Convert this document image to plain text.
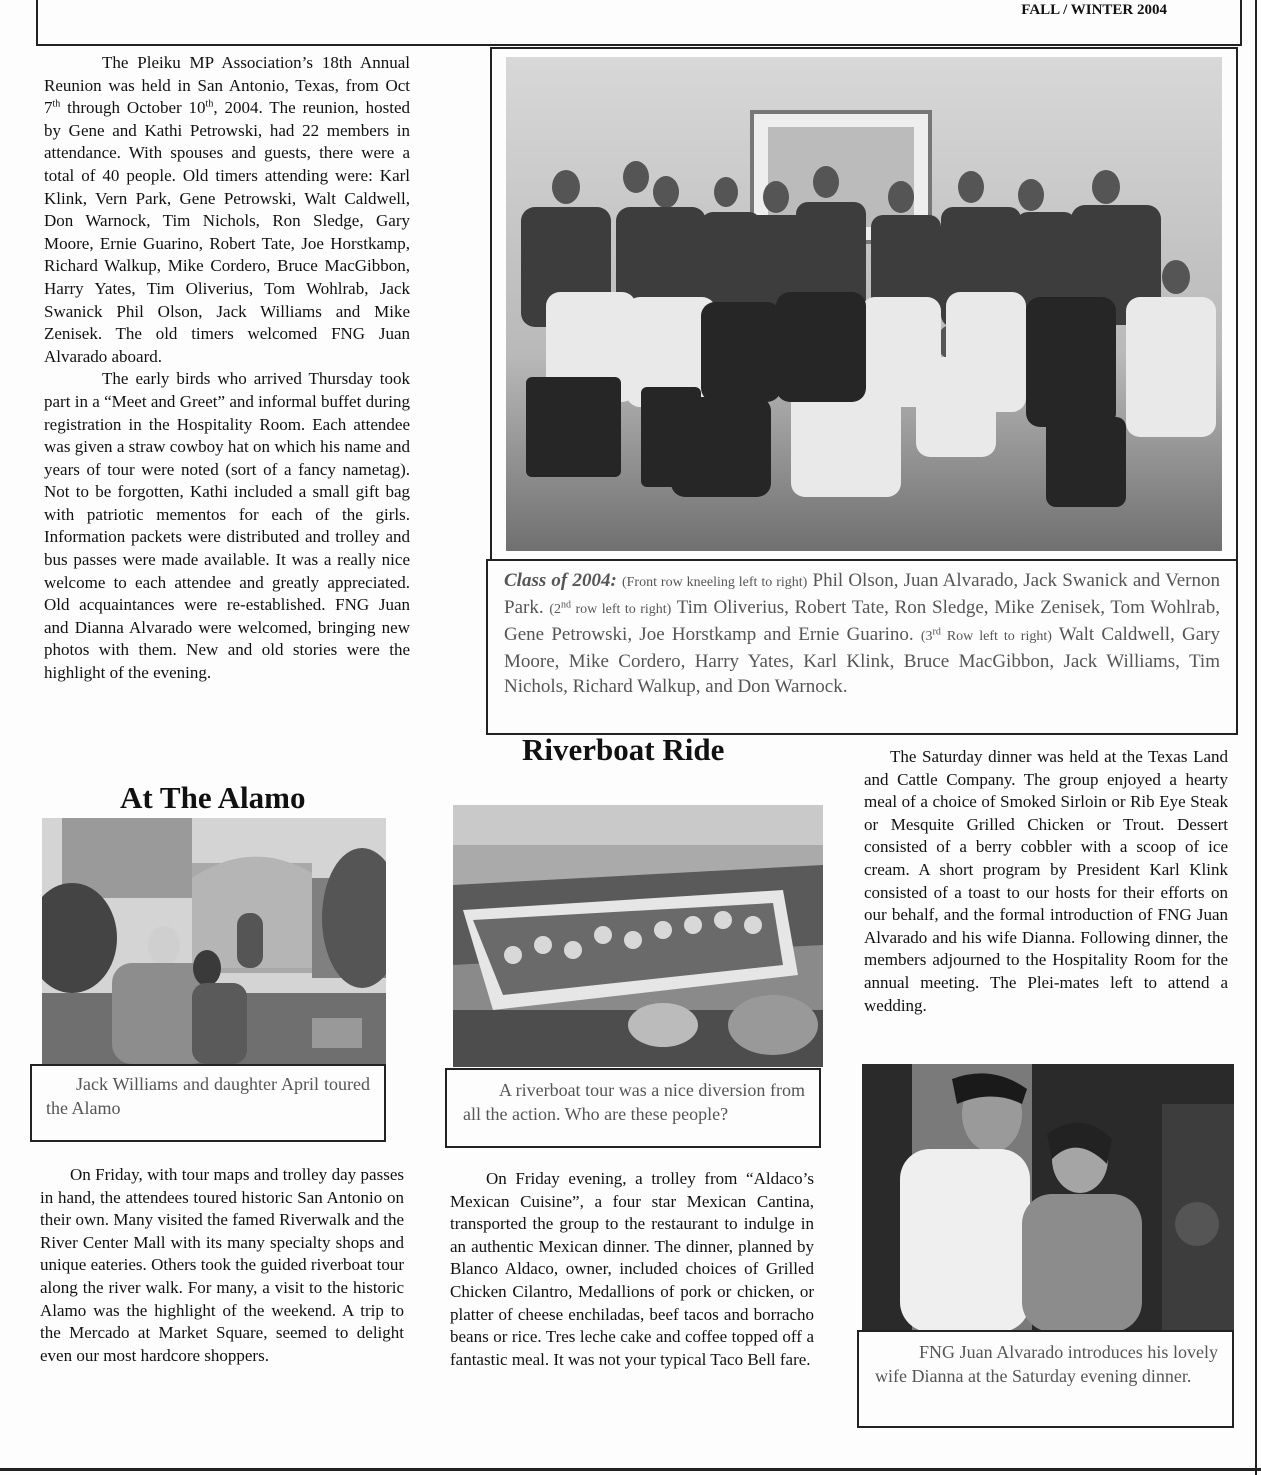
FALL / WINTER 2004

The Pleiku MP Association’s 18th Annual Reunion was held in San Antonio, Texas, from Oct 7th through October 10th, 2004. The reunion, hosted by Gene and Kathi Petrowski, had 22 members in attendance. With spouses and guests, there were a total of 40 people. Old timers attending were: Karl Klink, Vern Park, Gene Petrowski, Walt Caldwell, Don Warnock, Tim Nichols, Ron Sledge, Gary Moore, Ernie Guarino, Robert Tate, Joe Horstkamp, Richard Walkup, Mike Cordero, Bruce MacGibbon, Harry Yates, Tim Oliverius, Tom Wohlrab, Jack Swanick Phil Olson, Jack Williams and Mike Zenisek. The old timers welcomed FNG Juan Alvarado aboard.

The early birds who arrived Thursday took part in a “Meet and Greet” and informal buffet during registration in the Hospitality Room. Each attendee was given a straw cowboy hat on which his name and years of tour were noted (sort of a fancy nametag). Not to be forgotten, Kathi included a small gift bag with patriotic mementos for each of the girls. Information packets were distributed and trolley and bus passes were made available. It was a really nice welcome to each attendee and greatly appreciated. Old acquaintances were re-established. FNG Juan and Dianna Alvarado were welcomed, bringing new photos with them. New and old stories were the highlight of the evening.

Class of 2004: (Front row kneeling left to right) Phil Olson, Juan Alvarado, Jack Swanick and Vernon Park. (2nd row left to right) Tim Oliverius, Robert Tate, Ron Sledge, Mike Zenisek, Tom Wohlrab, Gene Petrowski, Joe Horstkamp and Ernie Guarino. (3rd Row left to right) Walt Caldwell, Gary Moore, Mike Cordero, Harry Yates, Karl Klink, Bruce MacGibbon, Jack Williams, Tim Nichols, Richard Walkup, and Don Warnock.
Riverboat Ride
At The Alamo
Jack Williams and daughter April toured the Alamo

On Friday, with tour maps and trolley day passes in hand, the attendees toured historic San Antonio on their own. Many visited the famed Riverwalk and the River Center Mall with its many specialty shops and unique eateries. Others took the guided riverboat tour along the river walk. For many, a visit to the historic Alamo was the highlight of the weekend. A trip to the Mercado at Market Square, seemed to delight even our most hardcore shoppers.

A riverboat tour was a nice diversion from all the action. Who are these people?

On Friday evening, a trolley from “Aldaco’s Mexican Cuisine”, a four star Mexican Cantina, transported the group to the restaurant to indulge in an authentic Mexican dinner. The dinner, planned by Blanco Aldaco, owner, included choices of Grilled Chicken Cilantro, Medallions of pork or chicken, or platter of cheese enchiladas, beef tacos and borracho beans or rice. Tres leche cake and coffee topped off a fantastic meal. It was not your typical Taco Bell fare.

The Saturday dinner was held at the Texas Land and Cattle Company. The group enjoyed a hearty meal of a choice of Smoked Sirloin or Rib Eye Steak or Mesquite Grilled Chicken or Trout. Dessert consisted of a berry cobbler with a scoop of ice cream. A short program by President Karl Klink consisted of a toast to our hosts for their efforts on our behalf, and the formal introduction of FNG Juan Alvarado and his wife Dianna. Following dinner, the members adjourned to the Hospitality Room for the annual meeting. The Plei-mates left to attend a wedding.

FNG Juan Alvarado introduces his lovely wife Dianna at the Saturday evening dinner.
